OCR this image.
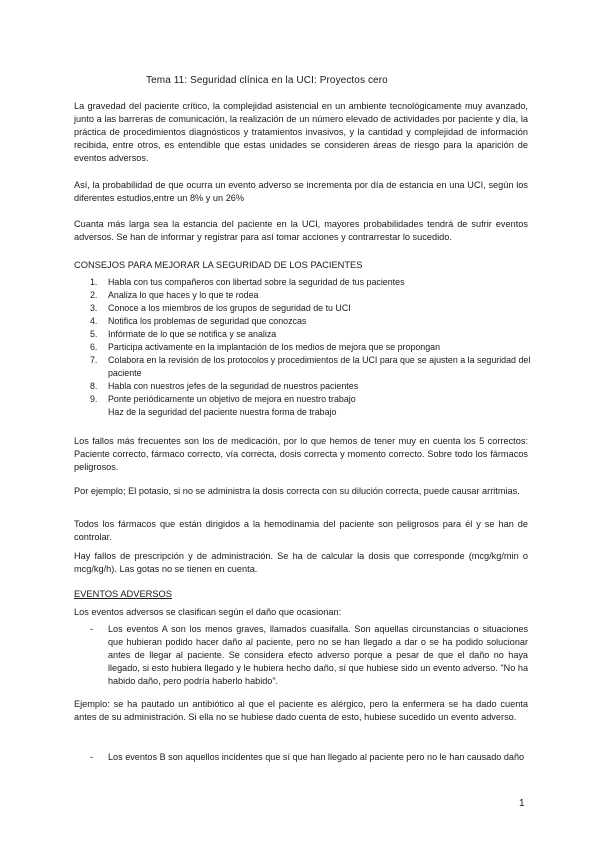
Tema 11: Seguridad clínica en la UCI: Proyectos cero
La gravedad del paciente crítico, la complejidad asistencial en un ambiente tecnológicamente muy avanzado, junto a las barreras de comunicación, la realización de un número elevado de actividades por paciente y día, la práctica de procedimientos diagnósticos y tratamientos invasivos, y la cantidad y complejidad de información recibida, entre otros, es entendible que estas unidades se consideren áreas de riesgo para la aparición de eventos adversos.
Así, la probabilidad de que ocurra un evento adverso se incrementa por día de estancia en una UCI, según los diferentes estudios,entre un 8% y un 26%
Cuanta más larga sea la estancia del paciente en la UCI, mayores probabilidades tendrá de sufrir eventos adversos. Se han de informar y registrar para así tomar acciones y contrarrestar lo sucedido.
CONSEJOS PARA MEJORAR LA SEGURIDAD DE LOS PACIENTES
1. Habla con tus compañeros con libertad sobre la seguridad de tus pacientes
2. Analiza lo que haces y lo que te rodea
3. Conoce a los miembros de los grupos de seguridad de tu UCI
4. Notifica los problemas de seguridad que conozcas
5. Infórmate de lo que se notifica y se analiza
6. Participa activamente en la implantación de los medios de mejora que se propongan
7. Colabora en la revisión de los protocolos y procedimientos de la UCI para que se ajusten a la seguridad del paciente
8. Habla con nuestros jefes de la seguridad de nuestros pacientes
9. Ponte periódicamente un objetivo de mejora en nuestro trabajo
Haz de la seguridad del paciente nuestra forma de trabajo
Los fallos más frecuentes son los de medicación, por lo que hemos de tener muy en cuenta los 5 correctos: Paciente correcto, fármaco correcto, vía correcta, dosis correcta y momento correcto. Sobre todo los fármacos peligrosos.
Por ejemplo; El potasio, si no se administra la dosis correcta con su dilución correcta, puede causar arritmias.
Todos los fármacos que están dirigidos a la hemodinamia del paciente son peligrosos para él y se han de controlar.
Hay fallos de prescripción y de administración. Se ha de calcular la dosis que corresponde (mcg/kg/min o mcg/kg/h). Las gotas no se tienen en cuenta.
EVENTOS ADVERSOS
Los eventos adversos se clasifican según el daño que ocasionan:
- Los eventos A son los menos graves, llamados cuasifalla. Son aquellas circunstancias o situaciones que hubieran podido hacer daño al paciente, pero no se han llegado a dar o se ha podido solucionar antes de llegar al paciente. Se considera efecto adverso porque a pesar de que el daño no haya llegado, si esto hubiera llegado y le hubiera hecho daño, sí que hubiese sido un evento adverso. "No ha habido daño, pero podría haberlo habido".
Ejemplo: se ha pautado un antibiótico al que el paciente es alérgico, pero la enfermera se ha dado cuenta antes de su administración. Si ella no se hubiese dado cuenta de esto, hubiese sucedido un evento adverso.
- Los eventos B son aquellos incidentes que sí que han llegado al paciente pero no le han causado daño
1
